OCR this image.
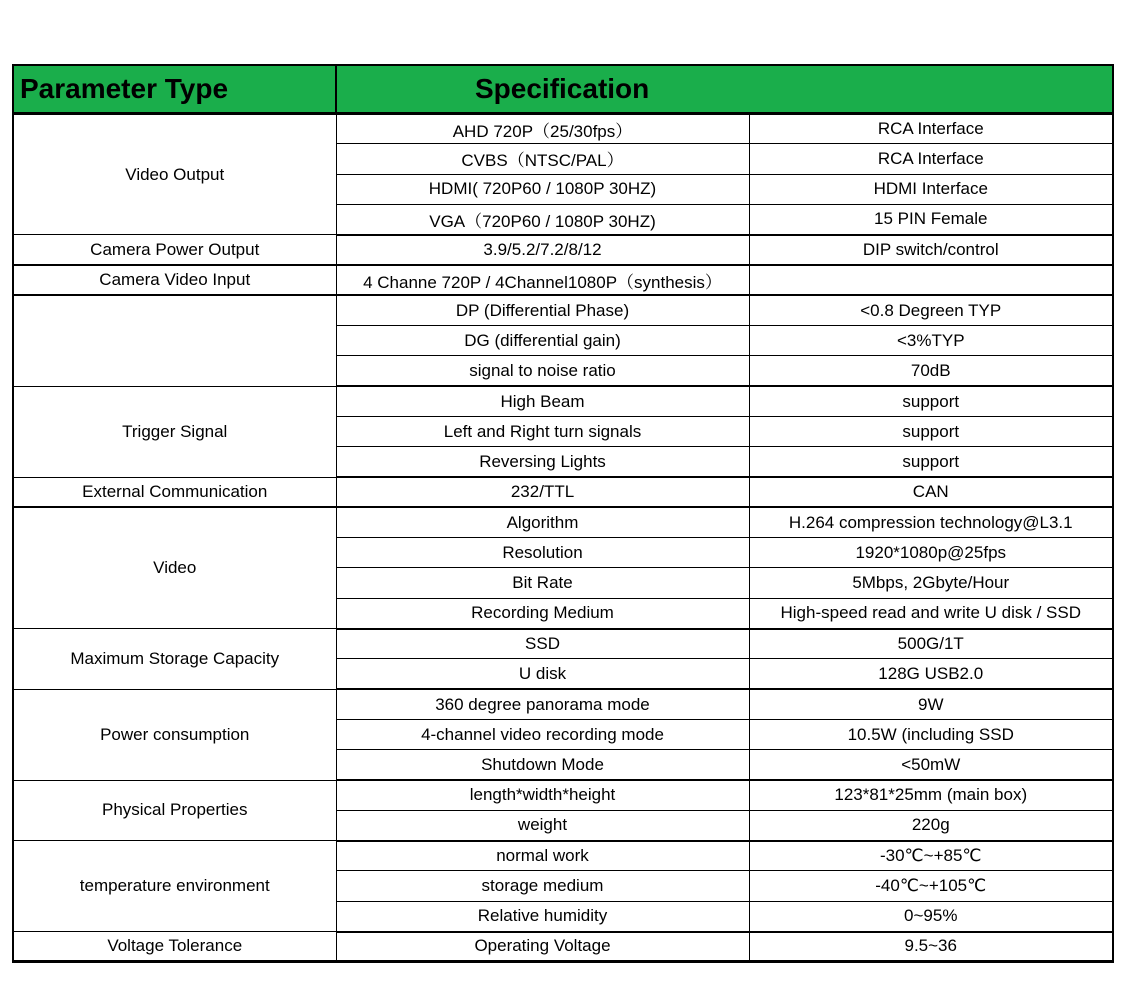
Parameter Type	Specification	
Video Output	AHD 720P（25/30fps）	RCA Interface
	CVBS（NTSC/PAL）	RCA Interface
	HDMI( 720P60 / 1080P 30HZ)	HDMI Interface
	VGA（720P60 / 1080P 30HZ)	15 PIN Female
Camera Power Output	3.9/5.2/7.2/8/12	DIP switch/control
Camera Video Input	4 Channe 720P / 4Channel1080P（synthesis）	
	DP (Differential Phase)	<0.8 Degreen TYP
	DG (differential gain)	<3%TYP
	signal to noise ratio	70dB
Trigger Signal	High Beam	support
	Left and Right turn signals	support
	Reversing Lights	support
External Communication	232/TTL	CAN
Video	Algorithm	H.264 compression technology@L3.1
	Resolution	1920*1080p@25fps
	Bit Rate	5Mbps, 2Gbyte/Hour
	Recording Medium	High-speed read and write U disk / SSD
Maximum Storage Capacity	SSD	500G/1T
	U disk	128G USB2.0
Power consumption	360 degree panorama mode	9W
	4-channel video recording mode	10.5W (including SSD
	Shutdown Mode	<50mW
Physical Properties	length*width*height	123*81*25mm (main box)
	weight	220g
temperature environment	normal work	-30℃~+85℃
	storage medium	-40℃~+105℃
	Relative humidity	0~95%
Voltage Tolerance	Operating Voltage	9.5~36
